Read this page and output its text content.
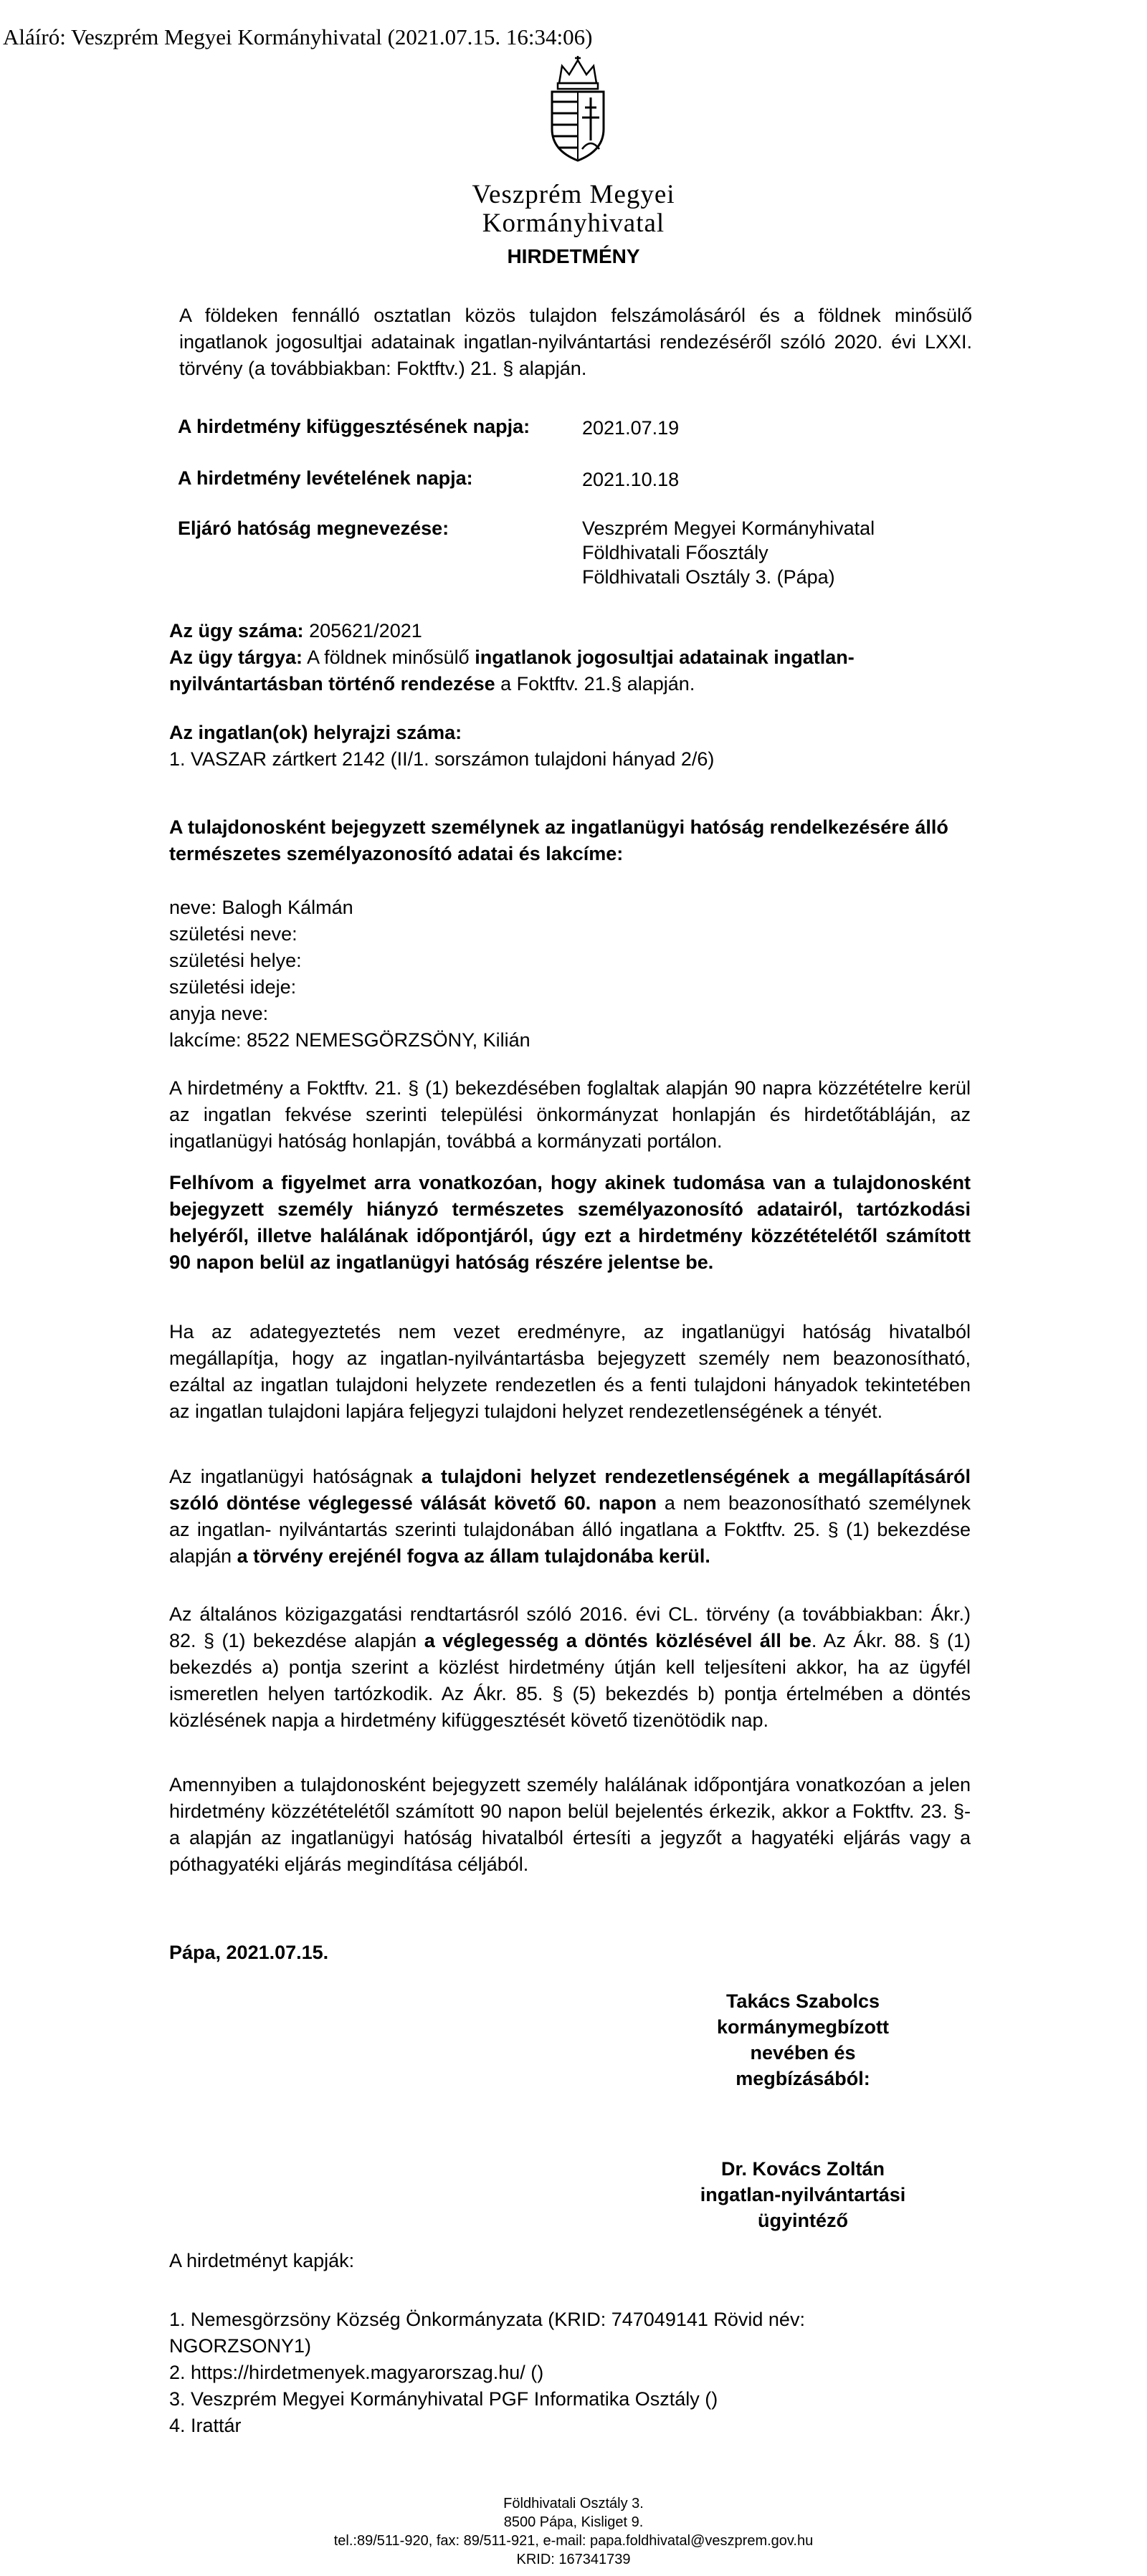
Aláíró: Veszprém Megyei Kormányhivatal (2021.07.15. 16:34:06)
Veszprém Megyei
Kormányhivatal
HIRDETMÉNY

A földeken fennálló osztatlan közös tulajdon felszámolásáról és a földnek minősülő ingatlanok jogosultjai adatainak ingatlan-nyilvántartási rendezéséről szóló 2020. évi LXXI. törvény (a továbbiakban: Foktftv.) 21. § alapján.

A hirdetmény kifüggesztésének napja:	2021.07.19
A hirdetmény levételének napja:	2021.10.18
Eljáró hatóság megnevezése:	Veszprém Megyei Kormányhivatal
Földhivatali Főosztály
Földhivatali Osztály 3. (Pápa)
Az ügy száma: 205621/2021
Az ügy tárgya: A földnek minősülő ingatlanok jogosultjai adatainak ingatlan-nyilvántartásban történő rendezése a Foktftv. 21.§ alapján.
Az ingatlan(ok) helyrajzi száma:
1. VASZAR zártkert 2142 (II/1. sorszámon tulajdoni hányad 2/6)

A tulajdonosként bejegyzett személynek az ingatlanügyi hatóság rendelkezésére álló természetes személyazonosító adatai és lakcíme:

neve: Balogh Kálmán
születési neve:
születési helye:
születési ideje:
anyja neve:
lakcíme: 8522 NEMESGÖRZSÖNY, Kilián

A hirdetmény a Foktftv. 21. § (1) bekezdésében foglaltak alapján 90 napra közzétételre kerül az ingatlan fekvése szerinti települési önkormányzat honlapján és hirdetőtábláján, az ingatlanügyi hatóság honlapján, továbbá a kormányzati portálon.

Felhívom a figyelmet arra vonatkozóan, hogy akinek tudomása van a tulajdonosként bejegyzett személy hiányzó természetes személyazonosító adatairól, tartózkodási helyéről, illetve halálának időpontjáról, úgy ezt a hirdetmény közzétételétől számított 90 napon belül az ingatlanügyi hatóság részére jelentse be.

Ha az adategyeztetés nem vezet eredményre, az ingatlanügyi hatóság hivatalból megállapítja, hogy az ingatlan-nyilvántartásba bejegyzett személy nem beazonosítható, ezáltal az ingatlan tulajdoni helyzete rendezetlen és a fenti tulajdoni hányadok tekintetében az ingatlan tulajdoni lapjára feljegyzi tulajdoni helyzet rendezetlenségének a tényét.

Az ingatlanügyi hatóságnak a tulajdoni helyzet rendezetlenségének a megállapításáról szóló döntése véglegessé válását követő 60. napon a nem beazonosítható személynek az ingatlan- nyilvántartás szerinti tulajdonában álló ingatlana a Foktftv. 25. § (1) bekezdése alapján a törvény erejénél fogva az állam tulajdonába kerül.

Az általános közigazgatási rendtartásról szóló 2016. évi CL. törvény (a továbbiakban: Ákr.) 82. § (1) bekezdése alapján a véglegesség a döntés közlésével áll be. Az Ákr. 88. § (1) bekezdés a) pontja szerint a közlést hirdetmény útján kell teljesíteni akkor, ha az ügyfél ismeretlen helyen tartózkodik. Az Ákr. 85. § (5) bekezdés b) pontja értelmében a döntés közlésének napja a hirdetmény kifüggesztését követő tizenötödik nap.

Amennyiben a tulajdonosként bejegyzett személy halálának időpontjára vonatkozóan a jelen hirdetmény közzétételétől számított 90 napon belül bejelentés érkezik, akkor a Foktftv. 23. §-a alapján az ingatlanügyi hatóság hivatalból értesíti a jegyzőt a hagyatéki eljárás vagy a póthagyatéki eljárás megindítása céljából.

Pápa, 2021.07.15.
Takács Szabolcs
kormánymegbízott
nevében és
megbízásából:
Dr. Kovács Zoltán
ingatlan-nyilvántartási
ügyintéző
A hirdetményt kapják:
1. Nemesgörzsöny Község Önkormányzata (KRID: 747049141 Rövid név:
NGORZSONY1)
2. https://hirdetmenyek.magyarorszag.hu/ ()
3. Veszprém Megyei Kormányhivatal PGF Informatika Osztály ()
4. Irattár
Földhivatali Osztály 3.
8500 Pápa, Kisliget 9.
tel.:89/511-920, fax: 89/511-921, e-mail: papa.foldhivatal@veszprem.gov.hu
KRID: 167341739
